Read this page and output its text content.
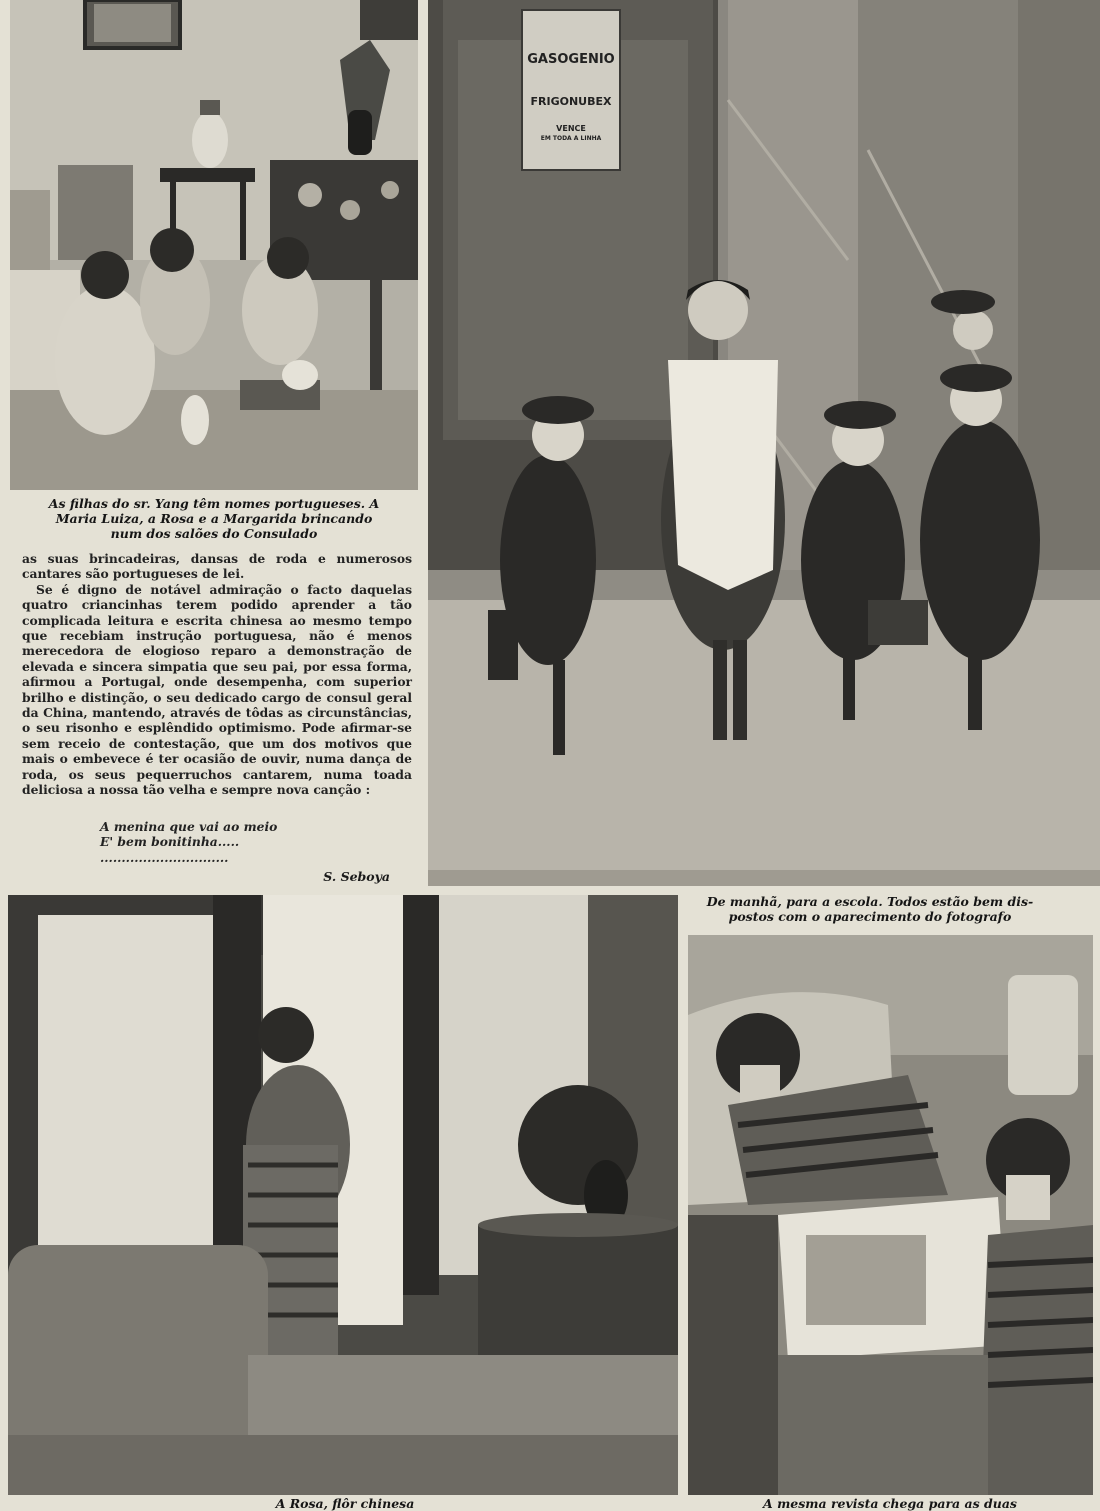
As filhas do sr. Yang têm nomes portugueses. A
Maria Luiza, a Rosa e a Margarida brincando
num dos salões do Consulado

as suas brincadeiras, dansas de roda e numerosos cantares são portugueses de lei.

Se é digno de notável admiração o facto daquelas quatro criancinhas terem podido aprender a tão complicada leitura e escrita chinesa ao mesmo tempo que recebiam instrução portuguesa, não é menos merecedora de elogioso reparo a demonstração de elevada e sincera simpatia que seu pai, por essa forma, afirmou a Portugal, onde desempenha, com superior brilho e distinção, o seu dedicado cargo de consul geral da China, mantendo, através de tôdas as circunstâncias, o seu risonho e esplêndido optimismo. Pode afirmar-se sem receio de contestação, que um dos motivos que mais o embevece é ter ocasião de ouvir, numa dança de roda, os seus pequerruchos cantarem, numa toada deliciosa a nossa tão velha e sempre nova canção :

A menina que vai ao meio
E' bem bonitinha.....
..............................
S. Seboya
GASOGENIO
FRIGONUBEX
VENCE
EM TODA A LINHA
De manhã, para a escola. Todos estão bem dis-
postos com o aparecimento do fotografo
A Rosa, flôr chinesa	A mesma revista chega para as duas
